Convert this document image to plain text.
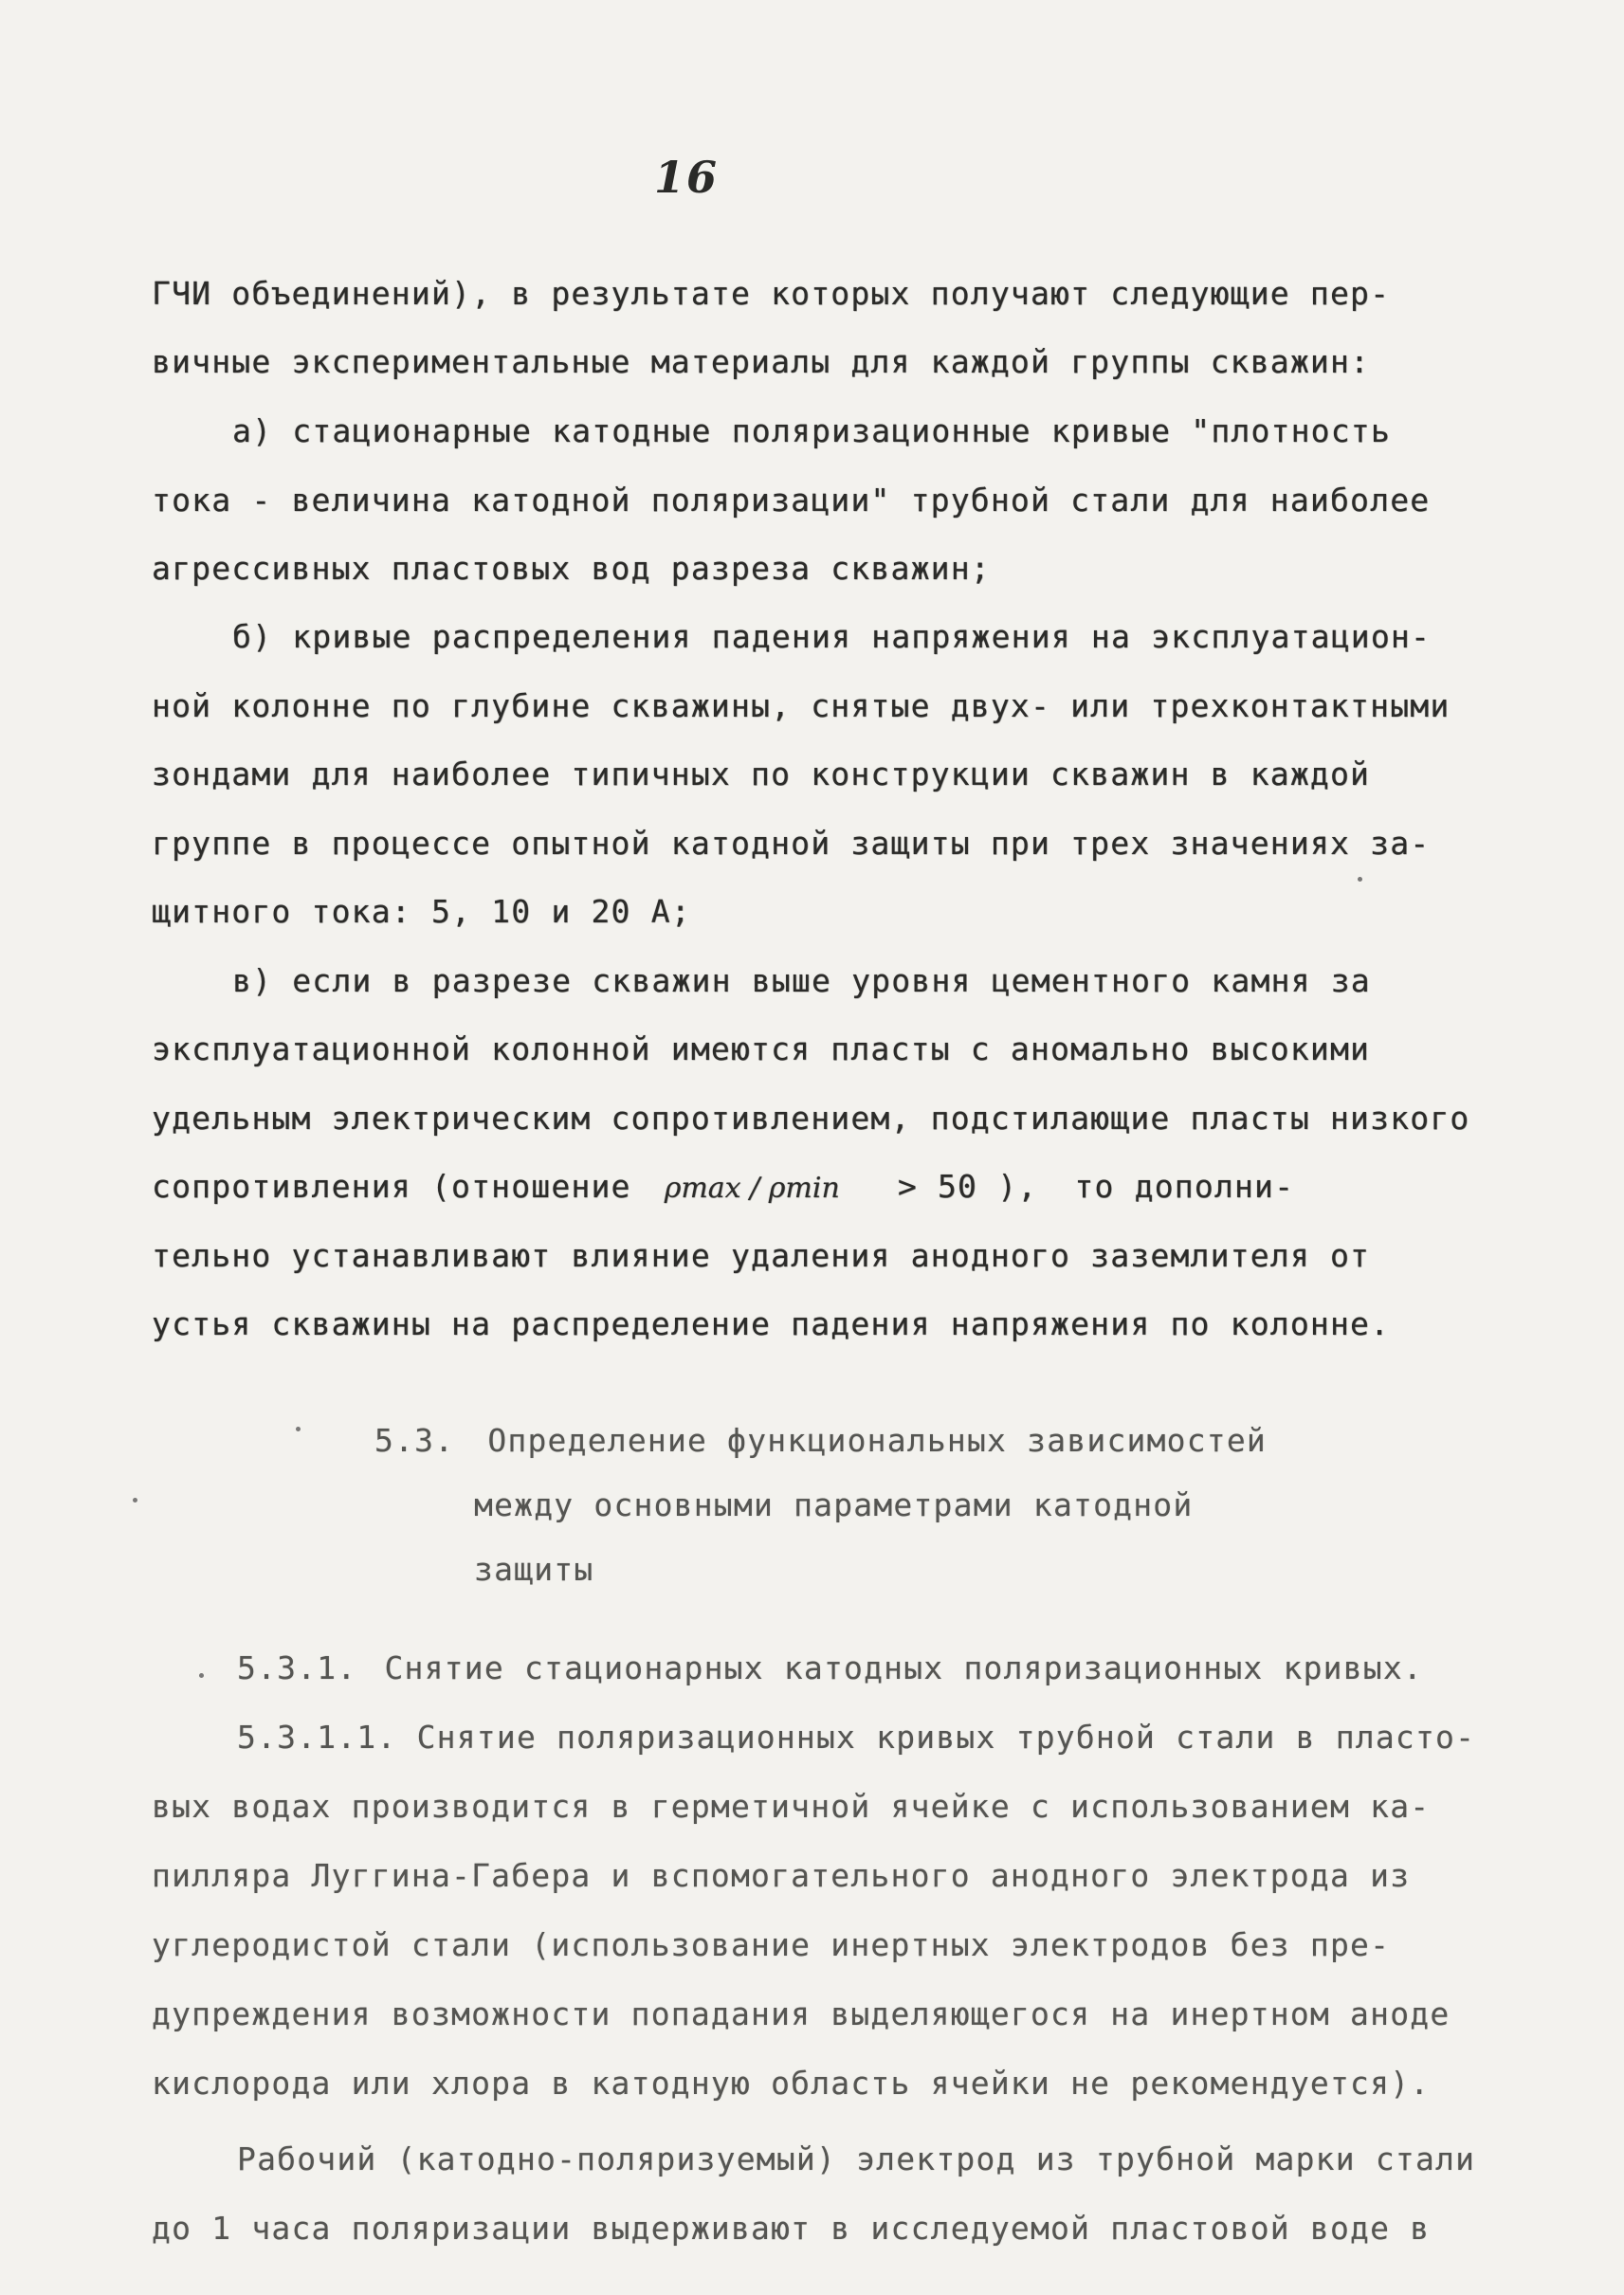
16
ГЧИ объединений), в результате которых получают следующие пер-
вичные экспериментальные материалы для каждой группы скважин:
а) стационарные катодные поляризационные кривые "плотность
тока - величина катодной поляризации" трубной стали для наиболее
агрессивных пластовых вод разреза скважин;
б) кривые распределения падения напряжения на эксплуатацион-
ной колонне по глубине скважины, снятые двух- или трехконтактными
зондами для наиболее типичных по конструкции скважин в каждой
группе в процессе опытной катодной защиты при трех значениях за-
щитного тока: 5, 10 и 20 А;
в) если в разрезе скважин выше уровня цементного камня за
эксплуатационной колонной имеются пласты с аномально высокими
удельным электрическим сопротивлением, подстилающие пласты низкого
сопротивления (отношение ρmax / ρmin > 50 ), то дополни-
тельно устанавливают влияние удаления анодного заземлителя от
устья скважины на распределение падения напряжения по колонне.
5.3. Определение функциональных зависимостей
между основными параметрами катодной
защиты
5.3.1. Снятие стационарных катодных поляризационных кривых.
5.3.1.1. Снятие поляризационных кривых трубной стали в пласто-
вых водах производится в герметичной ячейке с использованием ка-
пилляра Луггина-Габера и вспомогательного анодного электрода из
углеродистой стали (использование инертных электродов без пре-
дупреждения возможности попадания выделяющегося на инертном аноде
кислорода или хлора в катодную область ячейки не рекомендуется).
Рабочий (катодно-поляризуемый) электрод из трубной марки стали
до 1 часа поляризации выдерживают в исследуемой пластовой воде в
